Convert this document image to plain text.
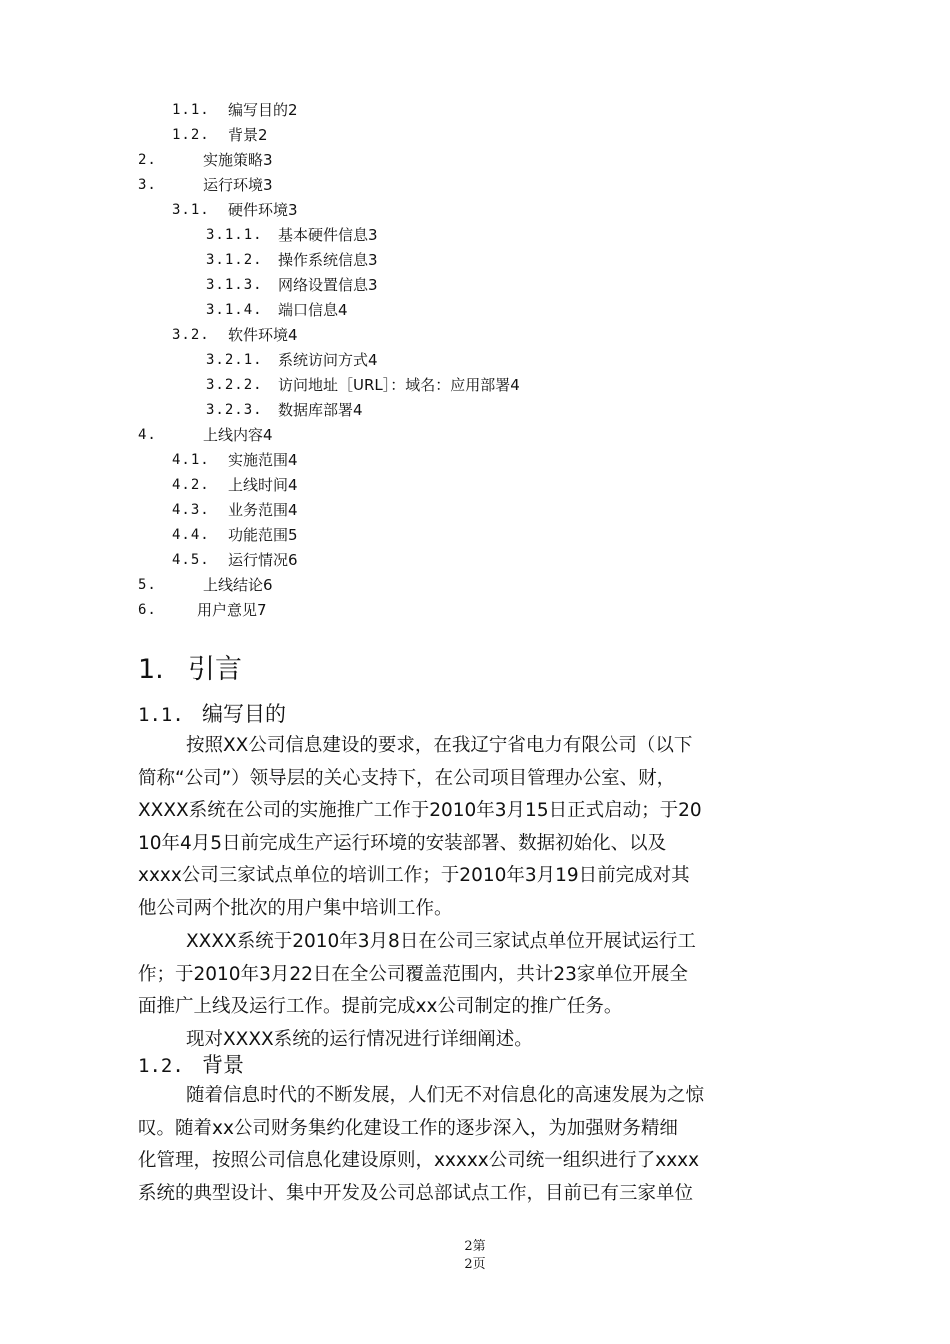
1.1. 编写目的2
1.2. 背景2
2.	实施策略3
3.	运行环境3
3.1. 硬件环境3
3.1.1. 基本硬件信息3
3.1.2. 操作系统信息3
3.1.3. 网络设置信息3
3.1.4. 端口信息4
3.2. 软件环境4
3.2.1. 系统访问方式4
3.2.2. 访问地址［URL］：域名：应用部署4
3.2.3. 数据库部署4
4.	上线内容4
4.1. 实施范围4
4.2. 上线时间4
4.3. 业务范围4
4.4. 功能范围5
4.5. 运行情况6
5.	上线结论6
6.	用户意见7
1. 引言
1.1. 编写目的
按照XX公司信息建设的要求，在我辽宁省电力有限公司（以下
简称“公司”）领导层的关心支持下，在公司项目管理办公室、财，
XXXX系统在公司的实施推广工作于2010年3月15日正式启动；于20
10年4月5日前完成生产运行环境的安装部署、数据初始化、以及
xxxx公司三家试点单位的培训工作；于2010年3月19日前完成对其
他公司两个批次的用户集中培训工作。
XXXX系统于2010年3月8日在公司三家试点单位开展试运行工
作；于2010年3月22日在全公司覆盖范围内，共计23家单位开展全
面推广上线及运行工作。提前完成xx公司制定的推广任务。
现对XXXX系统的运行情况进行详细阐述。
1.2. 背景
随着信息时代的不断发展，人们无不对信息化的高速发展为之惊
叹。随着xx公司财务集约化建设工作的逐步深入，为加强财务精细
化管理，按照公司信息化建设原则，xxxxx公司统一组织进行了xxxx
系统的典型设计、集中开发及公司总部试点工作，目前已有三家单位
2第
2页
